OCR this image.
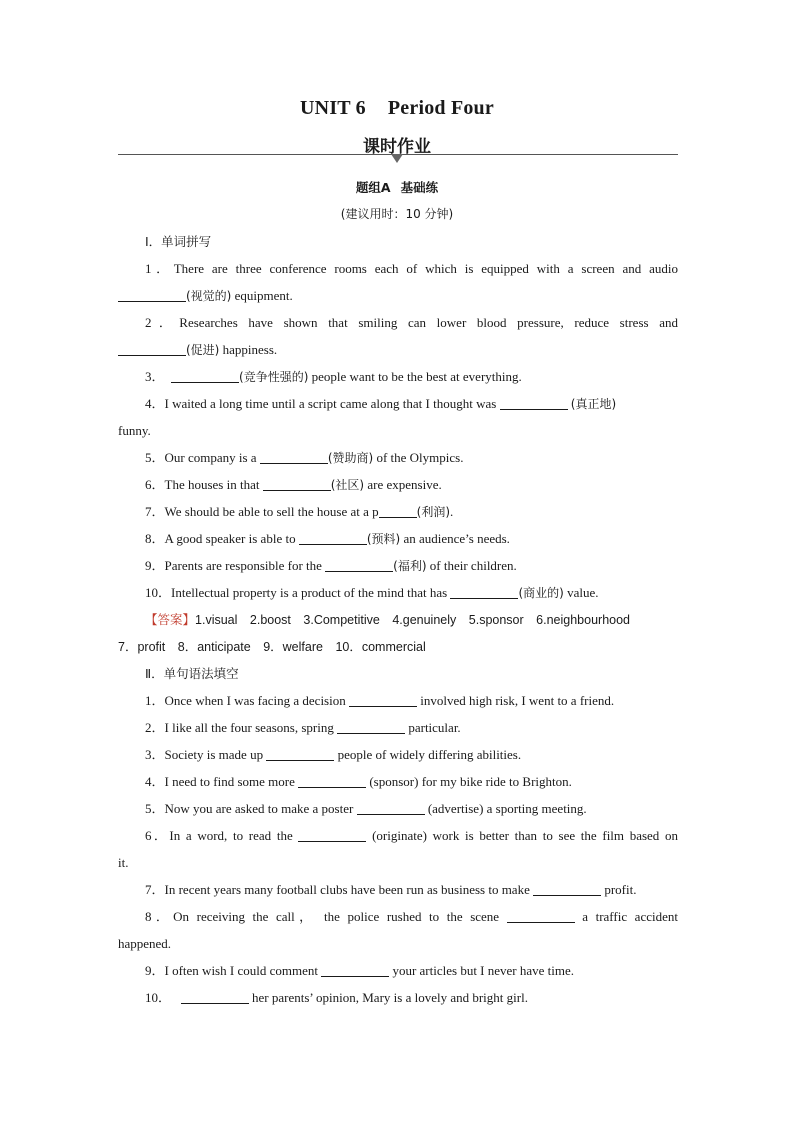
UNIT 6 Period Four
课时作业
题组A 基础练
(建议用时：10 分钟)
Ⅰ．单词拼写
1．There are three conference rooms each of which is equipped with a screen and audio
(视觉的) equipment.
2．Researches have shown that smiling can lower blood pressure, reduce stress and
(促进) happiness.
3．	(竞争性强的) people want to be the best at everything.
4．I waited a long time until a script came along that I thought was	(真正地)
funny.
5．Our company is a	(赞助商) of the Olympics.
6．The houses in that	(社区) are expensive.
7．We should be able to sell the house at a p	(利润).
8．A good speaker is able to	(预料) an audience’s needs.
9．Parents are responsible for the	(福利) of their children.
10．Intellectual property is a product of the mind that has	(商业的) value.
【答案】1.visual　2.boost　3.Competitive　4.genuinely　5.sponsor　6.neighbourhood
7．profit　8．anticipate　9．welfare　10．commercial
Ⅱ．单句语法填空
1．Once when I was facing a decision	involved high risk, I went to a friend.
2．I like all the four seasons, spring	particular.
3．Society is made up	people of widely differing abilities.
4．I need to find some more	(sponsor) for my bike ride to Brighton.
5．Now you are asked to make a poster	(advertise) a sporting meeting.
6．In a word, to read the	(originate) work is better than to see the film based on
it.
7．In recent years many football clubs have been run as business to make	profit.
8．On receiving the call， the police rushed to the scene	a traffic accident
happened.
9．I often wish I could comment	your articles but I never have time.
10．	her parents’ opinion, Mary is a lovely and bright girl.
